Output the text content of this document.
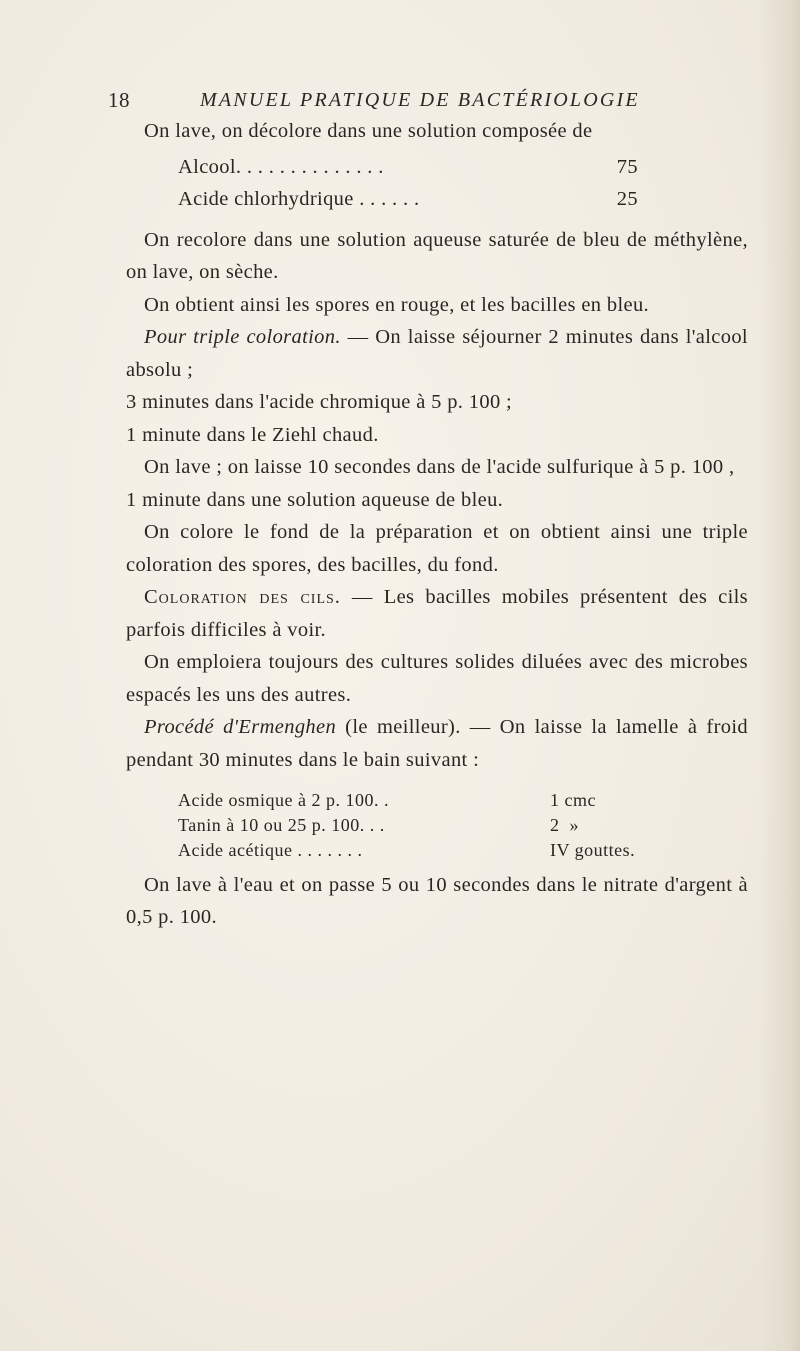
18	MANUEL PRATIQUE DE BACTÉRIOLOGIE

On lave, on décolore dans une solution composée de

Alcool. . . . . . . . . . . . . .	75
Acide chlorhydrique . . . . . .	25

On recolore dans une solution aqueuse saturée de bleu de méthylène, on lave, on sèche.

On obtient ainsi les spores en rouge, et les bacilles en bleu.

Pour triple coloration. — On laisse séjourner 2 minutes dans l'alcool absolu ;

3 minutes dans l'acide chromique à 5 p. 100 ;
1 minute dans le Ziehl chaud.

On lave ; on laisse 10 secondes dans de l'acide sulfurique à 5 p. 100 ,

1 minute dans une solution aqueuse de bleu.

On colore le fond de la préparation et on obtient ainsi une triple coloration des spores, des bacilles, du fond.

Coloration des cils. — Les bacilles mobiles présentent des cils parfois difficiles à voir.

On emploiera toujours des cultures solides diluées avec des microbes espacés les uns des autres.

Procédé d'Ermenghen (le meilleur). — On laisse la lamelle à froid pendant 30 minutes dans le bain suivant :

Acide osmique à 2 p. 100. .	1 cmc
Tanin à 10 ou 25 p. 100. . .	2  »
Acide acétique . . . . . . .	IV gouttes.

On lave à l'eau et on passe 5 ou 10 secondes dans le nitrate d'argent à 0,5 p. 100.
